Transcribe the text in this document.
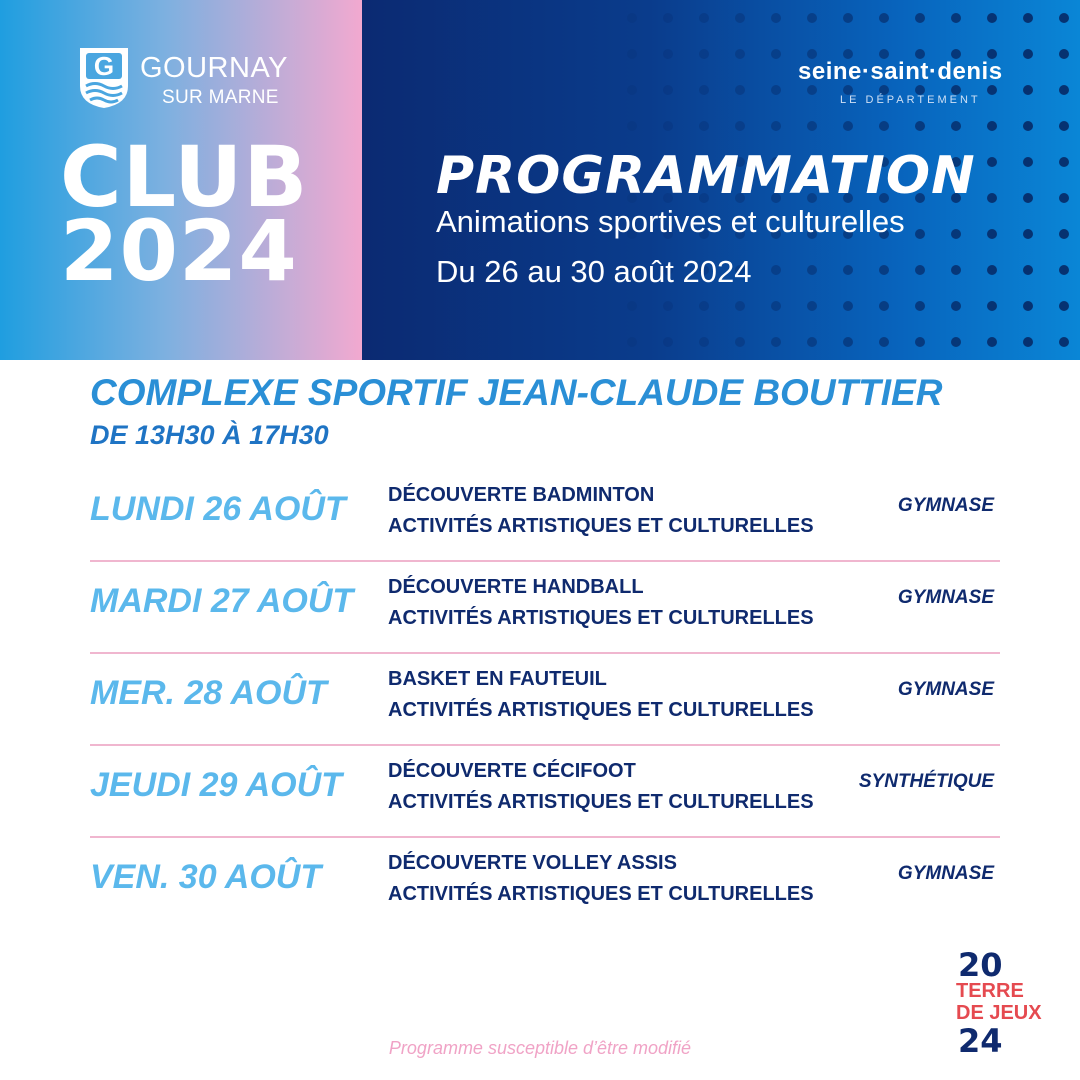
G GOURNAY
SUR MARNE
CLUB
2024
seine·saint·denis
LE DÉPARTEMENT
PROGRAMMATION
Animations sportives et culturelles
Du 26 au 30 août 2024
COMPLEXE SPORTIF JEAN-CLAUDE BOUTTIER
DE 13H30 À 17H30
LUNDI 26 AOÛT DÉCOUVERTE BADMINTON
ACTIVITÉS ARTISTIQUES ET CULTURELLES
GYMNASE
MARDI 27 AOÛT DÉCOUVERTE HANDBALL
ACTIVITÉS ARTISTIQUES ET CULTURELLES
GYMNASE
MER. 28 AOÛT	BASKET EN FAUTEUIL
ACTIVITÉS ARTISTIQUES ET CULTURELLES
GYMNASE
JEUDI 29 AOÛT DÉCOUVERTE CÉCIFOOT
ACTIVITÉS ARTISTIQUES ET CULTURELLES
SYNTHÉTIQUE
VEN. 30 AOÛT	DÉCOUVERTE VOLLEY ASSIS
ACTIVITÉS ARTISTIQUES ET CULTURELLES
GYMNASE
Programme susceptible d’être modifié
20
TERRE
DE JEUX
24
